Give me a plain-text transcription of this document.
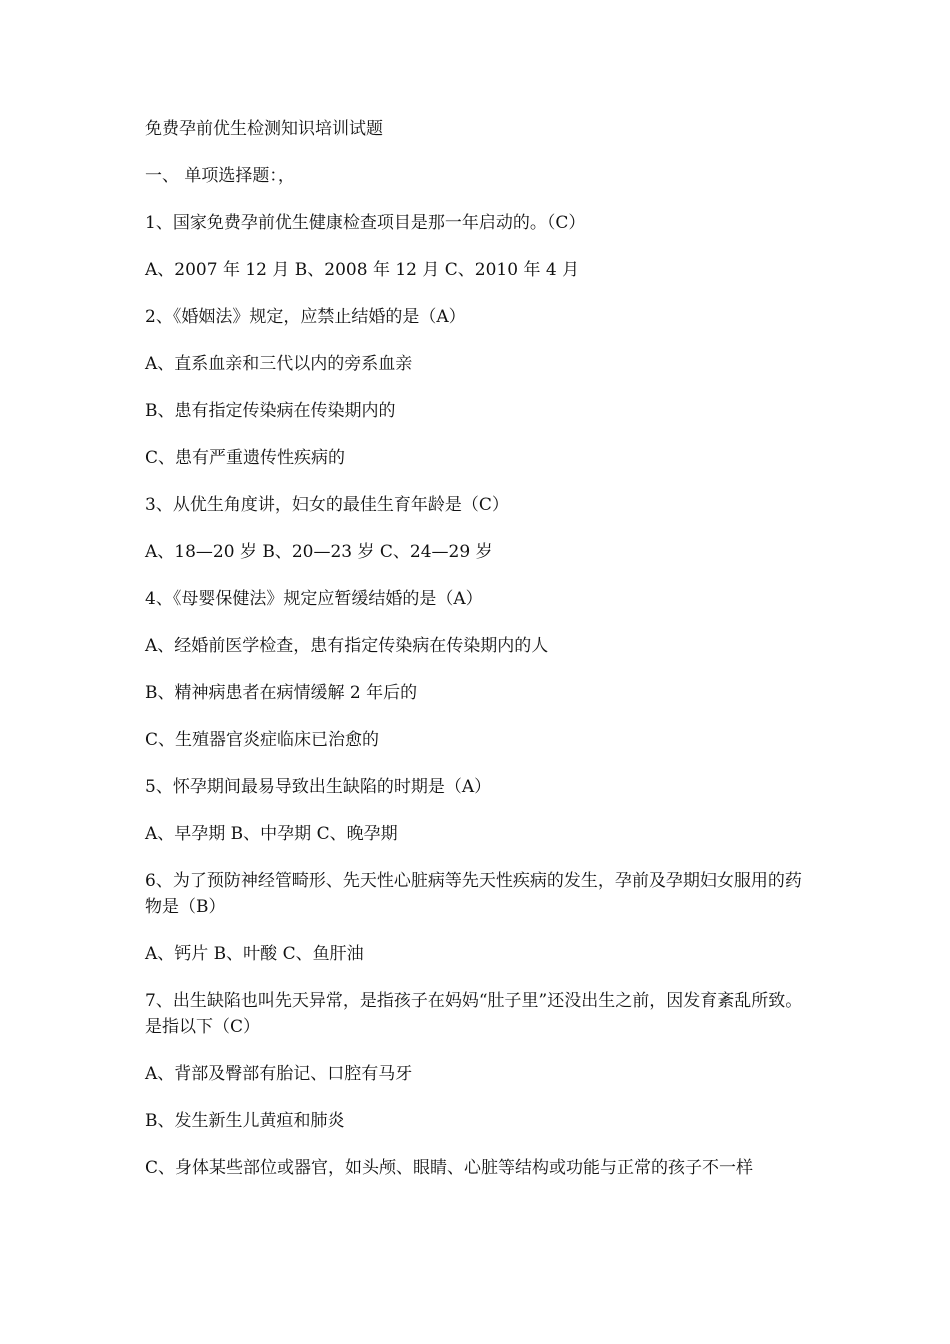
免费孕前优生检测知识培训试题
一、 单项选择题：，
1、国家免费孕前优生健康检查项目是那一年启动的。（C）
A、2007 年 12 月 B、2008 年 12 月 C、2010 年 4 月
2、《婚姻法》规定，应禁止结婚的是（A）
A、直系血亲和三代以内的旁系血亲
B、患有指定传染病在传染期内的
C、患有严重遗传性疾病的
3、从优生角度讲，妇女的最佳生育年龄是（C）
A、18—20 岁 B、20—23 岁 C、24—29 岁
4、《母婴保健法》规定应暂缓结婚的是（A）
A、经婚前医学检查，患有指定传染病在传染期内的人
B、精神病患者在病情缓解 2 年后的
C、生殖器官炎症临床已治愈的
5、怀孕期间最易导致出生缺陷的时期是（A）
A、早孕期 B、中孕期 C、晚孕期
6、为了预防神经管畸形、先天性心脏病等先天性疾病的发生，孕前及孕期妇女服用的药物是（B）
A、钙片 B、叶酸 C、鱼肝油
7、出生缺陷也叫先天异常，是指孩子在妈妈“肚子里”还没出生之前，因发育紊乱所致。是指以下（C）
A、背部及臀部有胎记、口腔有马牙
B、发生新生儿黄疸和肺炎
C、身体某些部位或器官，如头颅、眼睛、心脏等结构或功能与正常的孩子不一样
